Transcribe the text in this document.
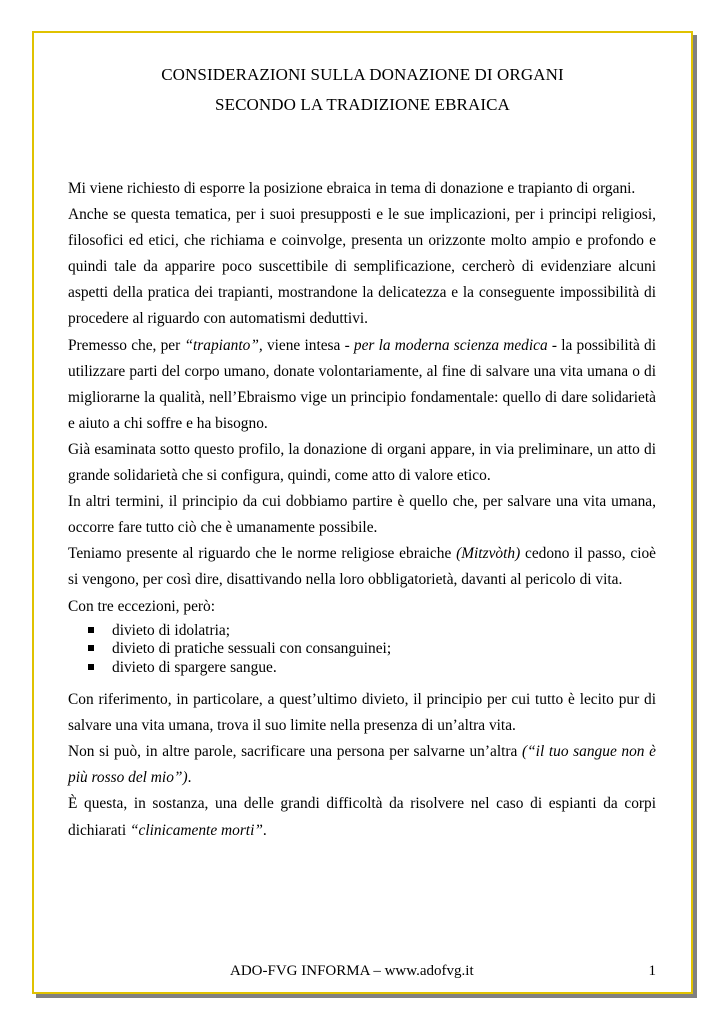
CONSIDERAZIONI SULLA DONAZIONE DI ORGANI
SECONDO LA TRADIZIONE EBRAICA

Mi viene richiesto di esporre la posizione ebraica in tema di donazione e trapianto di organi.

Anche se questa tematica, per i suoi presupposti e le sue implicazioni, per i principi religiosi, filosofici ed etici, che richiama e coinvolge, presenta un orizzonte molto ampio e profondo e quindi tale da apparire poco suscettibile di semplificazione, cercherò di evidenziare alcuni aspetti della pratica dei trapianti, mostrandone la delicatezza e la conseguente impossibilità di procedere al riguardo con automatismi deduttivi.

Premesso che, per “trapianto”, viene intesa - per la moderna scienza medica - la possibilità di utilizzare parti del corpo umano, donate volontariamente, al fine di salvare una vita umana o di migliorarne la qualità, nell’Ebraismo vige un principio fondamentale: quello di dare solidarietà e aiuto a chi soffre e ha bisogno.

Già esaminata sotto questo profilo, la donazione di organi appare, in via preliminare, un atto di grande solidarietà che si configura, quindi, come atto di valore etico.

In altri termini, il principio da cui dobbiamo partire è quello che, per salvare una vita umana, occorre fare tutto ciò che è umanamente possibile.

Teniamo presente al riguardo che le norme religiose ebraiche (Mitzvòth) cedono il passo, cioè si vengono, per così dire, disattivando nella loro obbligatorietà, davanti al pericolo di vita.

Con tre eccezioni, però:

divieto di idolatria;
divieto di pratiche sessuali con consanguinei;
divieto di spargere sangue.

Con riferimento, in particolare, a quest’ultimo divieto, il principio per cui tutto è lecito pur di salvare una vita umana, trova il suo limite nella presenza di un’altra vita.

Non si può, in altre parole, sacrificare una persona per salvarne un’altra (“il tuo sangue non è più rosso del mio”).

È questa, in sostanza, una delle grandi difficoltà da risolvere nel caso di espianti da corpi dichiarati “clinicamente morti”.

ADO-FVG INFORMA – www.adofvg.it	1
